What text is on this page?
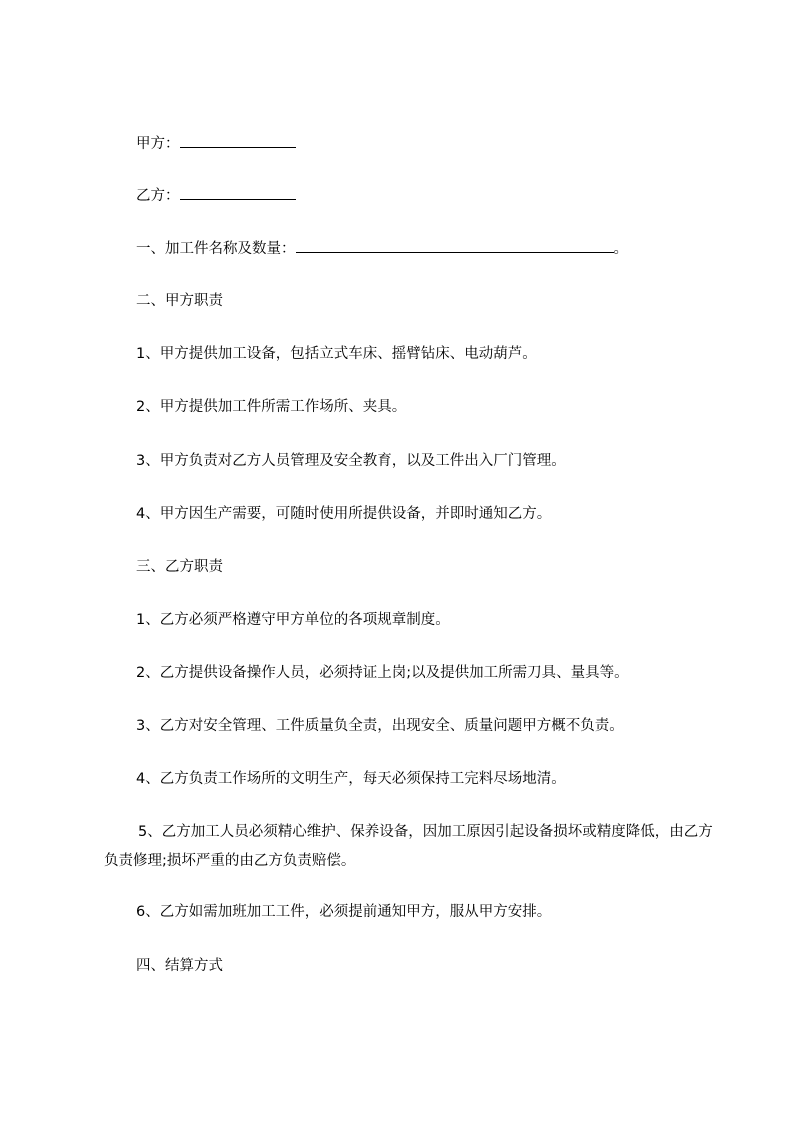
甲方：
乙方：
一、加工件名称及数量：	。
二、甲方职责
1、甲方提供加工设备，包括立式车床、摇臂钻床、电动葫芦。
2、甲方提供加工件所需工作场所、夹具。
3、甲方负责对乙方人员管理及安全教育，以及工件出入厂门管理。
4、甲方因生产需要，可随时使用所提供设备，并即时通知乙方。
三、乙方职责
1、乙方必须严格遵守甲方单位的各项规章制度。
2、乙方提供设备操作人员，必须持证上岗;以及提供加工所需刀具、量具等。
3、乙方对安全管理、工件质量负全责，出现安全、质量问题甲方概不负责。
4、乙方负责工作场所的文明生产，每天必须保持工完料尽场地清。
5、乙方加工人员必须精心维护、保养设备，因加工原因引起设备损坏或精度降低，由乙方负责修理;损坏严重的由乙方负责赔偿。
6、乙方如需加班加工工件，必须提前通知甲方，服从甲方安排。
四、结算方式
